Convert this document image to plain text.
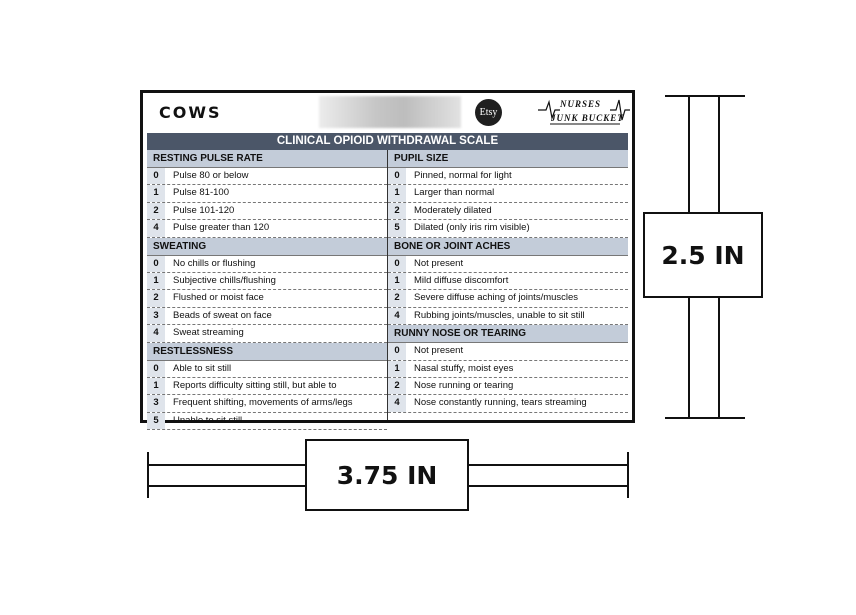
COWS	Etsy
NURSES
JUNK BUCKET
CLINICAL OPIOID WITHDRAWAL SCALE
RESTING PULSE RATE
0	Pulse 80 or below
1	Pulse 81-100
2	Pulse 101-120
4	Pulse greater than 120
SWEATING
0	No chills or flushing
1	Subjective chills/flushing
2	Flushed or moist face
3	Beads of sweat on face
4	Sweat streaming
RESTLESSNESS
0	Able to sit still
1	Reports difficulty sitting still, but able to
3	Frequent shifting, movements of arms/legs
5	Unable to sit still
PUPIL SIZE
0	Pinned, normal for light
1	Larger than normal
2	Moderately dilated
5	Dilated (only iris rim visible)
BONE OR JOINT ACHES
0	Not present
1	Mild diffuse discomfort
2	Severe diffuse aching of joints/muscles
4	Rubbing joints/muscles, unable to sit still
RUNNY NOSE OR TEARING
0	Not present
1	Nasal stuffy, moist eyes
2	Nose running or tearing
4	Nose constantly running, tears streaming
2.5 IN
3.75 IN
